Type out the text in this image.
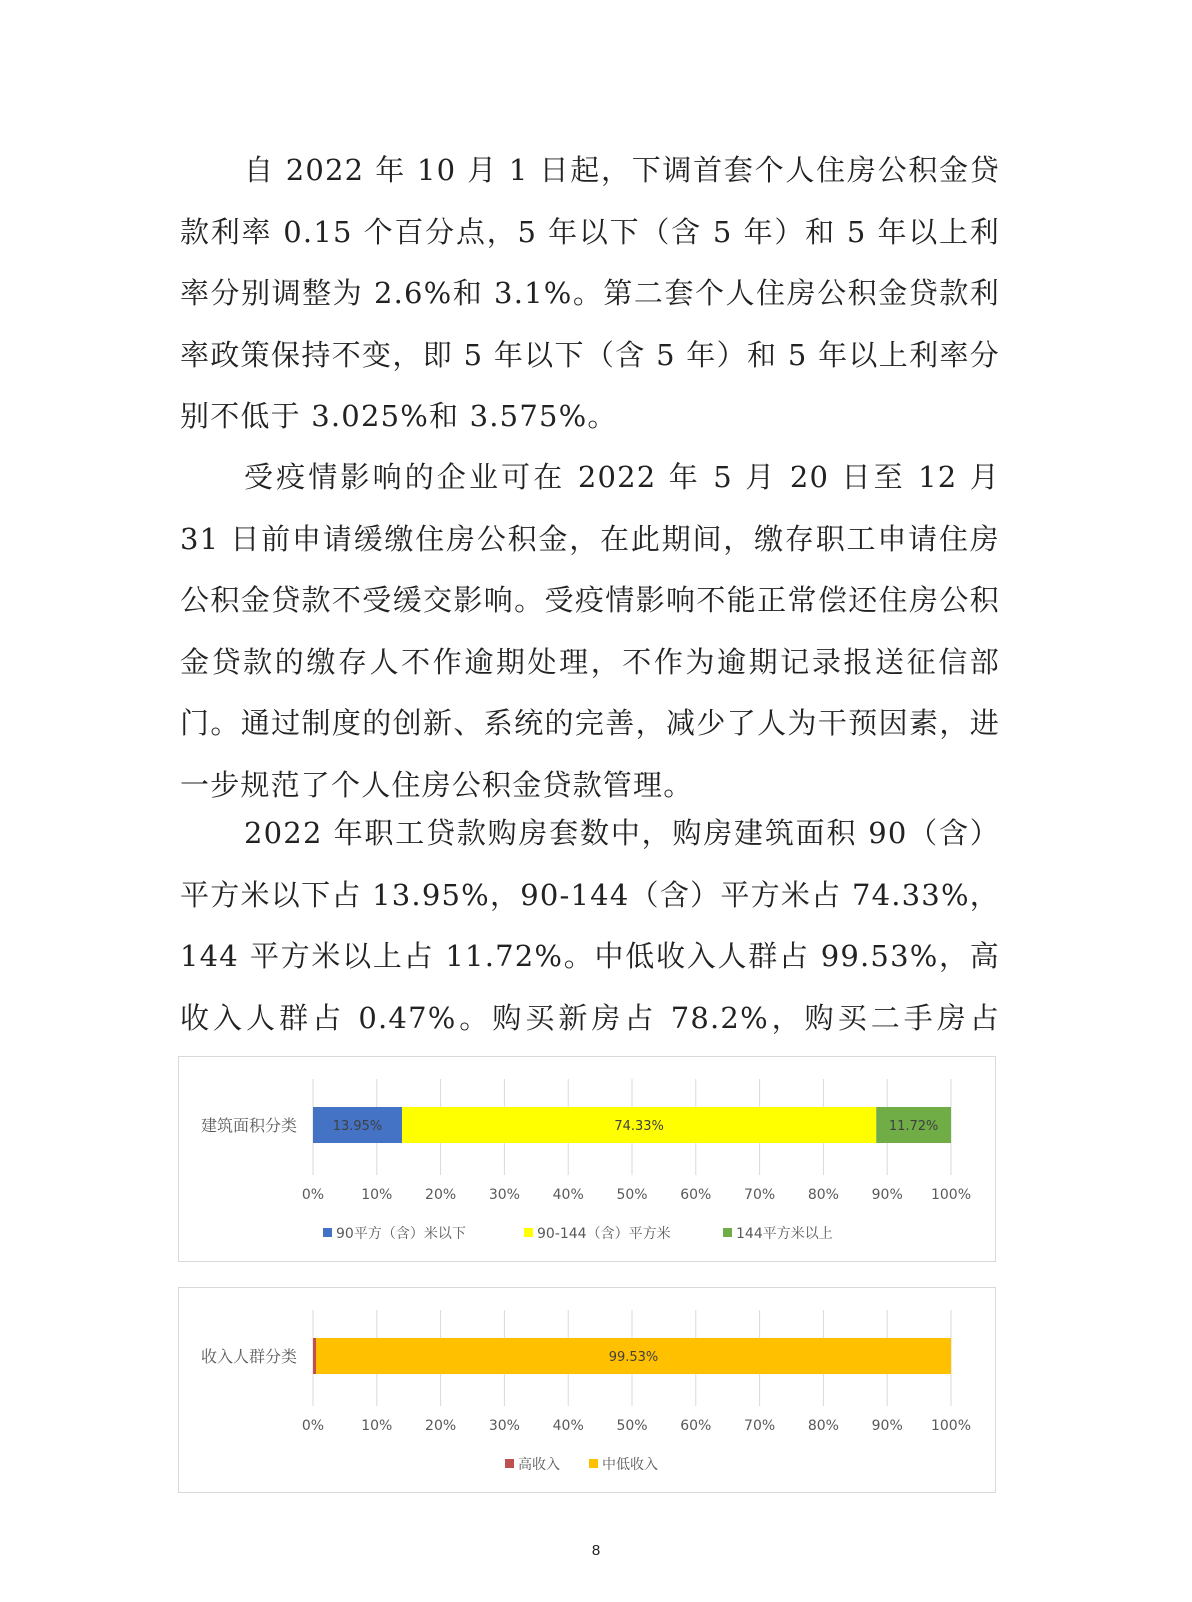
自 2022 年 10 月 1 日起，下调首套个人住房公积金贷款利率 0.15 个百分点，5 年以下（含 5 年）和 5 年以上利率分别调整为 2.6%和 3.1%。第二套个人住房公积金贷款利率政策保持不变，即 5 年以下（含 5 年）和 5 年以上利率分别不低于 3.025%和 3.575%。

受疫情影响的企业可在 2022 年 5 月 20 日至 12 月 31 日前申请缓缴住房公积金，在此期间，缴存职工申请住房公积金贷款不受缓交影响。受疫情影响不能正常偿还住房公积金贷款的缴存人不作逾期处理，不作为逾期记录报送征信部门。通过制度的创新、系统的完善，减少了人为干预因素，进一步规范了个人住房公积金贷款管理。

2022 年职工贷款购房套数中，购房建筑面积 90（含）平方米以下占 13.95%，90-144（含）平方米占 74.33%，144 平方米以上占 11.72%。中低收入人群占 99.53%，高收入人群占 0.47%。购买新房占 78.2%，购买二手房占

建筑面积分类	13.95%	74.33%	11.72%
0%	10% 20% 30% 40% 50% 60% 70% 80% 90% 100%
90平方（含）米以下	90-144（含）平方米	144平方米以上
收入人群分类	99.53%
0%	10% 20% 30% 40% 50% 60% 70% 80% 90% 100%
高收入	中低收入
8
